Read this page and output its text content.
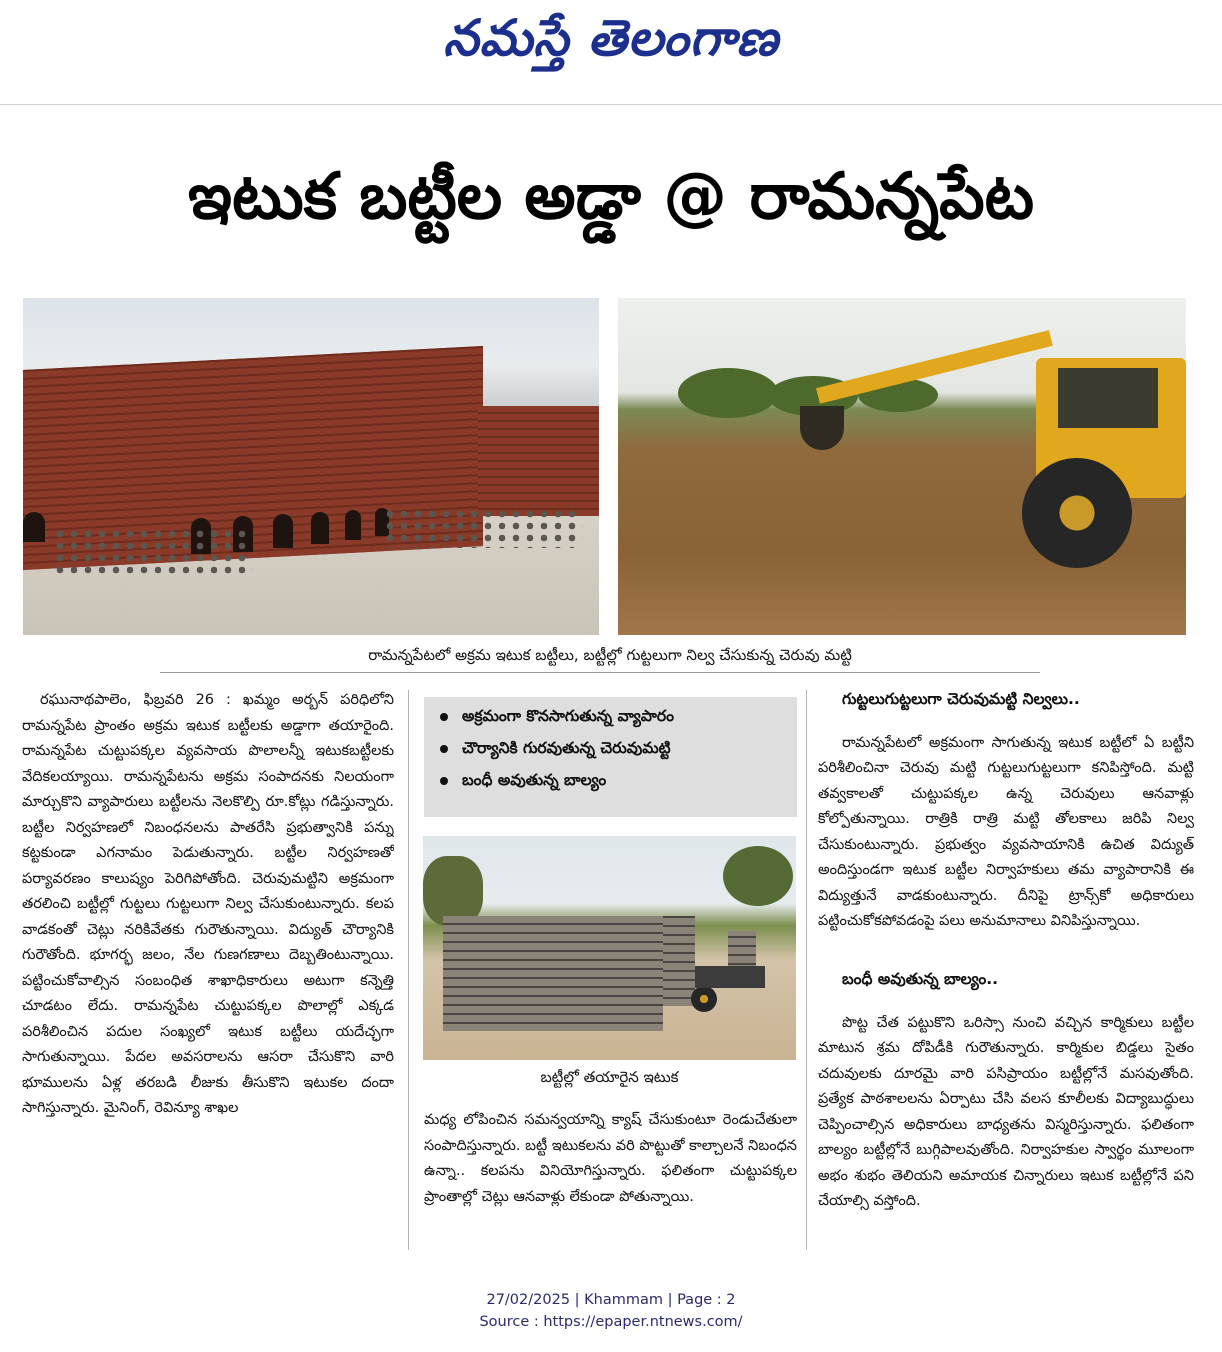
నమస్తే తెలంగాణ
ఇటుక బట్టీల అడ్డా @ రామన్నపేట
రామన్నపేటలో అక్రమ ఇటుక బట్టీలు, బట్టీల్లో గుట్టలుగా నిల్వ చేసుకున్న చెరువు మట్టి

రఘునాథపాలెం, ఫిబ్రవరి 26 : ఖమ్మం అర్బన్ పరిధిలోని రామన్నపేట ప్రాంతం అక్రమ ఇటుక బట్టీలకు అడ్డాగా తయారైంది. రామన్నపేట చుట్టుపక్కల వ్యవసాయ పొలాలన్నీ ఇటుకబట్టీలకు వేదికలయ్యాయి. రామన్నపేటను అక్రమ సంపాదనకు నిలయంగా మార్చుకొని వ్యాపారులు బట్టీలను నెలకొల్పి రూ.కోట్లు గడిస్తున్నారు. బట్టీల నిర్వహణలో నిబంధనలను పాతరేసి ప్రభుత్వానికి పన్ను కట్టకుండా ఎగనామం పెడుతున్నారు. బట్టీల నిర్వహణతో పర్యావరణం కాలుష్యం పెరిగిపోతోంది. చెరువుమట్టిని అక్రమంగా తరలించి బట్టీల్లో గుట్టలు గుట్టలుగా నిల్వ చేసుకుంటున్నారు. కలప వాడకంతో చెట్లు నరికివేతకు గురౌతున్నాయి. విద్యుత్ చౌర్యానికి గురౌతోంది. భూగర్భ జలం, నేల గుణగణాలు దెబ్బతింటున్నాయి. పట్టించుకోవాల్సిన సంబంధిత శాఖాధికారులు అటుగా కన్నెత్తి చూడటం లేదు. రామన్నపేట చుట్టుపక్కల పొలాల్లో ఎక్కడ పరిశీలించిన పదుల సంఖ్యలో ఇటుక బట్టీలు యదేచ్ఛగా సాగుతున్నాయి. పేదల అవసరాలను ఆసరా చేసుకొని వారి భూములను ఏళ్ల తరబడి లీజుకు తీసుకొని ఇటుకల దందా సాగిస్తున్నారు. మైనింగ్, రెవిన్యూ శాఖల

అక్రమంగా కొనసాగుతున్న వ్యాపారం
చౌర్యానికి గురవుతున్న చెరువుమట్టి
బంధీ అవుతున్న బాల్యం
బట్టీల్లో తయారైన ఇటుక

మధ్య లోపించిన సమన్వయాన్ని క్యాష్ చేసుకుంటూ రెండుచేతులా సంపాదిస్తున్నారు. బట్టీ ఇటుకలను వరి పొట్టుతో కాల్చాలనే నిబంధన ఉన్నా.. కలపను వినియోగిస్తున్నారు. ఫలితంగా చుట్టుపక్కల ప్రాంతాల్లో చెట్లు ఆనవాళ్లు లేకుండా పోతున్నాయి.

గుట్టలుగుట్టలుగా చెరువుమట్టి నిల్వలు..

రామన్నపేటలో అక్రమంగా సాగుతున్న ఇటుక బట్టీలో ఏ బట్టీని పరిశీలించినా చెరువు మట్టి గుట్టలుగుట్టలుగా కనిపిస్తోంది. మట్టి తవ్వకాలతో చుట్టుపక్కల ఉన్న చెరువులు ఆనవాళ్లు కోల్పోతున్నాయి. రాత్రికి రాత్రి మట్టి తోలకాలు జరిపి నిల్వ చేసుకుంటున్నారు. ప్రభుత్వం వ్యవసాయానికి ఉచిత విద్యుత్ అందిస్తుండగా ఇటుక బట్టీల నిర్వాహకులు తమ వ్యాపారానికి ఈ విద్యుత్తునే వాడకుంటున్నారు. దీనిపై ట్రాన్స్‌కో అధికారులు పట్టించుకోకపోవడంపై పలు అనుమానాలు వినిపిస్తున్నాయి.

బంధీ అవుతున్న బాల్యం..

పొట్ట చేత పట్టుకొని ఒరిస్సా నుంచి వచ్చిన కార్మికులు బట్టీల మాటున శ్రమ దోపిడీకి గురౌతున్నారు. కార్మికుల బిడ్డలు సైతం చదువులకు దూరమై వారి పసిప్రాయం బట్టీల్లోనే మసవుతోంది. ప్రత్యేక పాఠశాలలను ఏర్పాటు చేసి వలస కూలీలకు విద్యాబుద్ధులు చెప్పించాల్సిన అధికారులు బాధ్యతను విస్మరిస్తున్నారు. ఫలితంగా బాల్యం బట్టీల్లోనే బుగ్గిపాలవుతోంది. నిర్వాహకుల స్వార్థం మూలంగా అభం శుభం తెలియని అమాయక చిన్నారులు ఇటుక బట్టీల్లోనే పని చేయాల్సి వస్తోంది.

27/02/2025 | Khammam | Page : 2
Source : https://epaper.ntnews.com/
